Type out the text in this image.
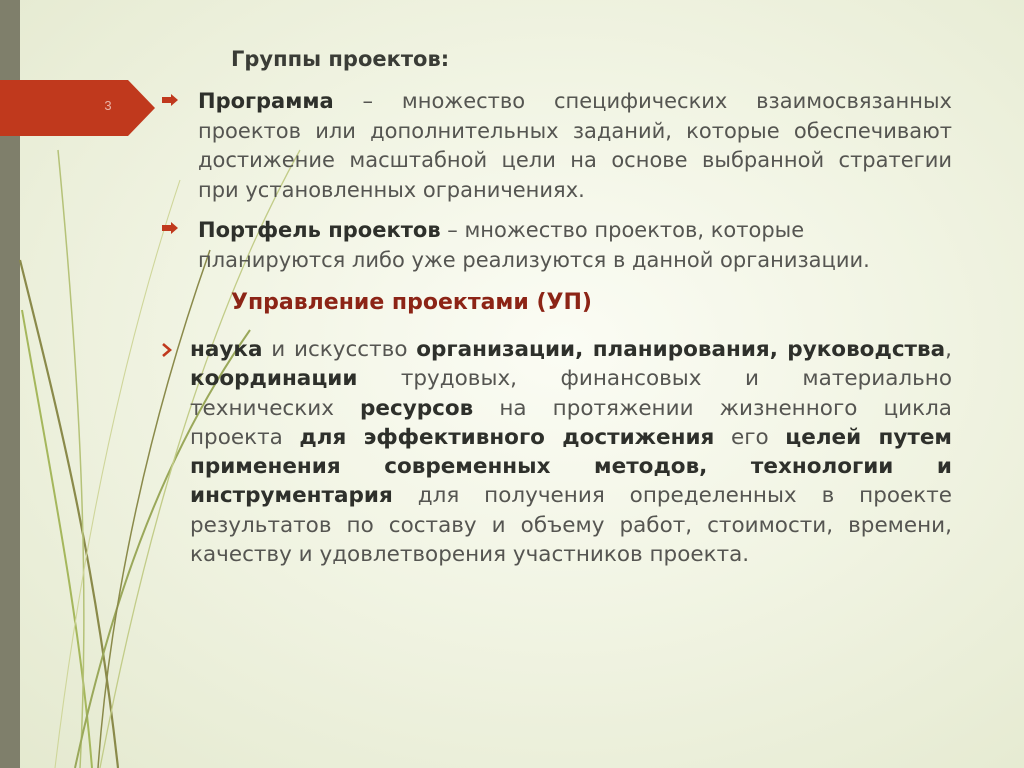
3
Группы проектов:

Программа – множество специфических взаимосвязанных проектов или дополнительных заданий, которые обеспечивают достижение масштабной цели на основе выбранной стратегии при установленных ограничениях.

Портфель проектов – множество проектов, которые планируются либо уже реализуются в данной организации.

Управление проектами (УП)

наука и искусство организации, планирования, руководства, координации трудовых, финансовых и материально технических ресурсов на протяжении жизненного цикла проекта для эффективного достижения его целей путем применения современных методов, технологии и инструментария для получения определенных в проекте результатов по составу и объему работ, стоимости, времени, качеству и удовлетворения участников проекта.
